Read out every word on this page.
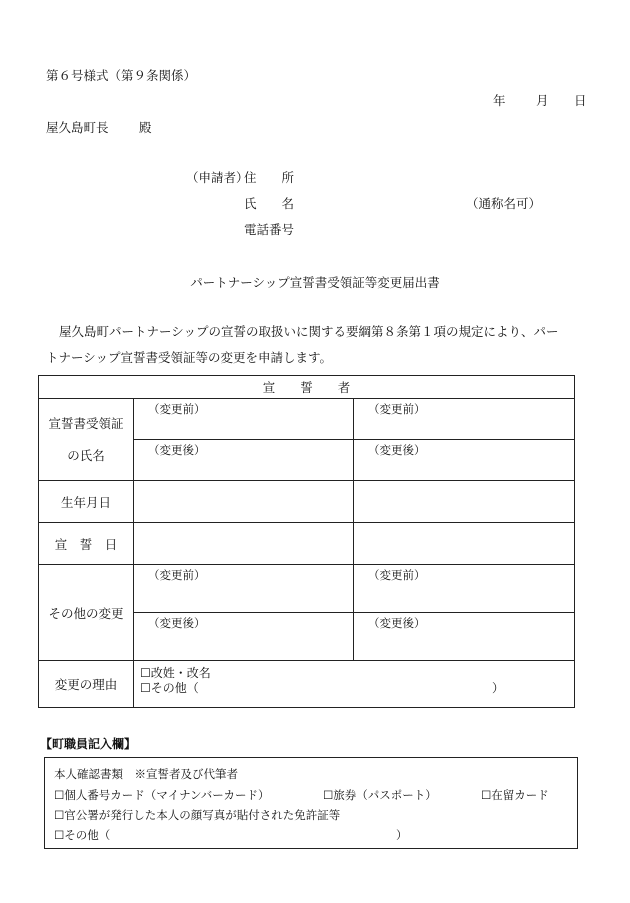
第６号様式（第９条関係）
年 月 日
屋久島町長 殿
（申請者）
住　　所
氏　　名	（通称名可）
電話番号
パートナーシップ宣誓書受領証等変更届出書
屋久島町パートナーシップの宣誓の取扱いに関する要綱第８条第１項の規定により、パー
トナーシップ宣誓書受領証等の変更を申請します。
宣　　誓　　者		

宣誓書受領証
の氏名	（変更前）	（変更前）

	（変更後）	（変更後）

生年月日		
宣　誓　日		
その他の変更	（変更前）	（変更前）

	（変更後）	（変更後）

変更の理由	☐改姓・改名
☐その他（ ）	
【町職員記入欄】
本人確認書類　※宣誓者及び代筆者
☐個人番号カード（マイナンバーカード）	☐旅券（パスポート）	☐在留カード
☐官公署が発行した本人の顔写真が貼付された免許証等
☐その他（	）
